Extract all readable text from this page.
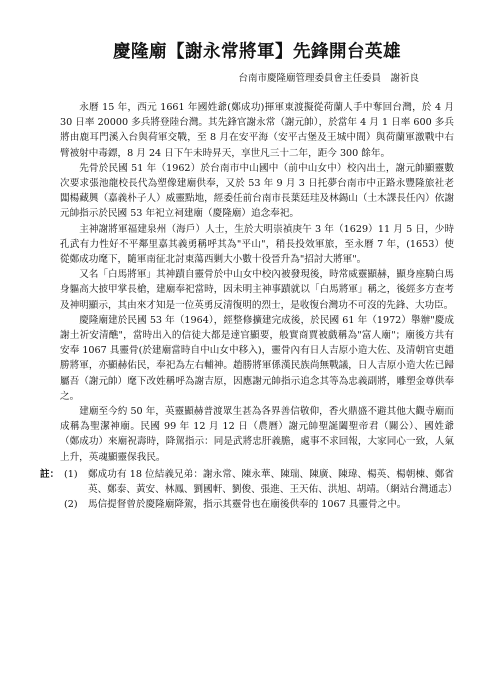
慶隆廟【謝永常將軍】先鋒開台英雄
台南市慶隆廟管理委員會主任委員　謝祈良

永曆 15 年，西元 1661 年國姓爺(鄭成功)揮軍東渡擬從荷蘭人手中奪回台灣，於 4 月 30 日率 20000 多兵將登陸台灣。其先鋒官謝永常（謝元帥），於當年 4 月 1 日率 600 多兵將由鹿耳門溪入台與荷軍交戰，至 8 月在安平海（安平古堡及王城中間）與荷蘭軍激戰中右臂被射中毒鏢，8 月 24 日下午未時昇天，享世凡三十二年，距今 300 餘年。

先骨於民國 51 年（1962）於台南市中山國中（前中山女中）校內出土，謝元帥顯靈數次要求張池龍校長代為塑像建廟供奉，又於 53 年 9 月 3 日托夢台南市中正路永豐隆旅社老闆楊藏興（嘉義朴子人）威靈點地，經委任前台南市長葉廷珪及林錫山（土木課長任內）依謝元帥指示於民國 53 年祀立祠建廟（慶隆廟）追念奉祀。

主神謝將軍福建泉州（海戶）人士，生於大明崇禎庚午 3 年（1629）11 月 5 日，少時孔武有力性好不平鄰里嘉其義勇稱呼其為"平山"，稍長投效軍旅，至永曆 7 年，(1653）使從鄭成功麾下，隨軍南征北討東蕩西剿大小數十役晉升為"招討大將軍"。

又名「白馬將軍」其神蹟自靈骨於中山女中校內被發現後，時常威靈顯赫，顯身座騎白馬身軀高大披甲掌長槍，建廟奉祀當時，因未明主神事蹟就以「白馬將軍」稱之，後經多方查考及神明顯示，其由來才知是一位英勇反清復明的烈士，是收復台灣功不可沒的先鋒、大功臣。

慶隆廟建於民國 53 年（1964），經整修擴建完成後，於民國 61 年（1972）舉辦"慶成謝土祈安清醮"，當時出入的信徒大都是達官顯要，般實商賈被戲稱為"富人廟"；廟後方共有安奉 1067 具靈骨(於建廟當時自中山女中移入)，靈骨內有日人吉原小造大佐、及清朝官吏趙勝將軍，亦顯赫佑民，奉祀為左右輔神。趙勝將軍係漢民族尚無戰議，日人吉原小造大佐已歸屬吾（謝元帥）麾下改姓稱呼為謝吉原，因應謝元帥指示追念其等為忠義副將，雕塑金尊供奉之。

建廟至今約 50 年，英靈顯赫普渡眾生甚為各界善信敬仰，香火鼎盛不避其他大觀寺廟而成稱為聖潔神廟。民國 99 年 12 月 12 日（農曆）謝元帥聖誕闔聖帝君（關公）、國姓爺（鄭成功）來廟祝壽時，降駕指示：同是武將忠肝義膽，處事不求回報，大家同心一致，人氣上升，英魂顯靈保我民。

註： (1)	鄭成功有 18 位結義兄弟：謝永常、陳永華、陳瑞、陳廣、陳瑋、楊英、楊朝棟、鄭省英、鄭泰、黃安、林鳳、劉國軒、劉俊、張進、王天佑、洪旭、胡靖。（網站台灣通志）
(2)	馬信提督曾於慶隆廟降駕，指示其靈骨也在廟後供奉的 1067 具靈骨之中。
